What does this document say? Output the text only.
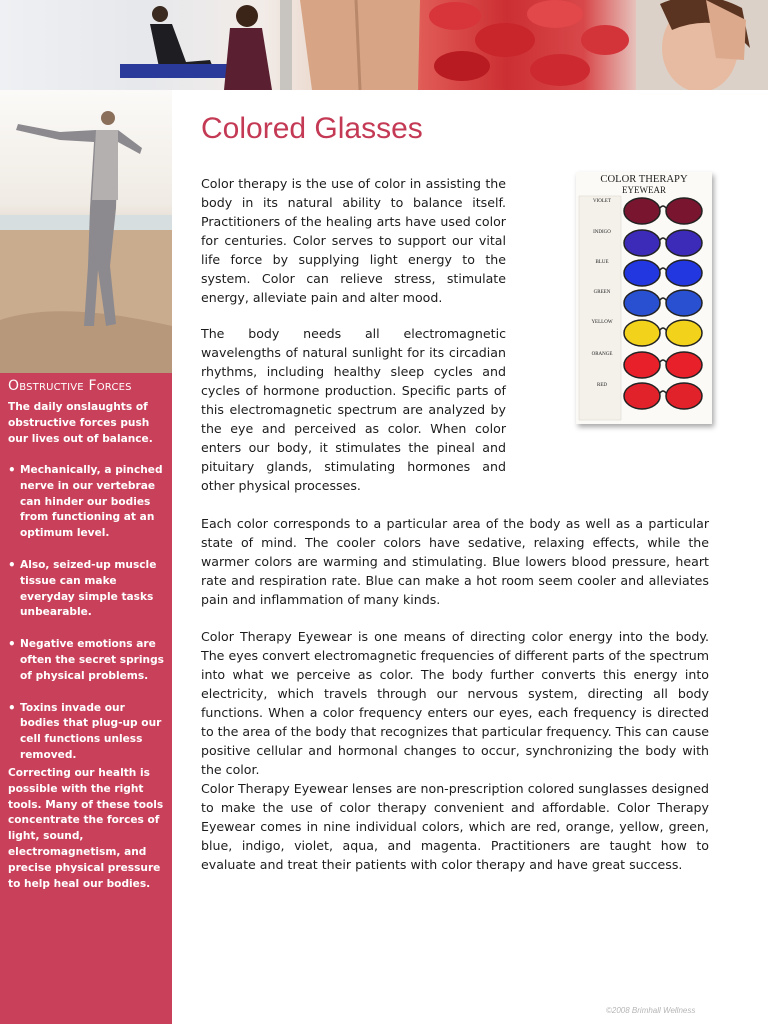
Obstructive Forces

The daily onslaughts of obstructive forces push our lives out of balance.

• Mechanically, a pinched nerve in our vertebrae can hinder our bodies from functioning at an optimum level.
• Also, seized-up muscle tissue can make everyday simple tasks unbearable.
• Negative emotions are often the secret springs of physical problems.
• Toxins invade our bodies that plug-up our cell functions unless removed.

Correcting our health is possible with the right tools. Many of these tools concentrate the forces of light, sound, electromagnetism, and precise physical pressure to help heal our bodies.

Colored Glasses

Color therapy is the use of color in assisting the body in its natural ability to balance itself. Practitioners of the healing arts have used color for centuries. Color serves to support our vital life force by supplying light energy to the system. Color can relieve stress, stimulate energy, alleviate pain and alter mood.

The body needs all electromagnetic wavelengths of natural sunlight for its circadian rhythms, including healthy sleep cycles and cycles of hormone production. Specific parts of this electromagnetic spectrum are analyzed by the eye and perceived as color. When color enters our body, it stimulates the pineal and pituitary glands, stimulating hormones and other physical processes.

Each color corresponds to a particular area of the body as well as a particular state of mind. The cooler colors have sedative, relaxing effects, while the warmer colors are warming and stimulating. Blue lowers blood pressure, heart rate and respiration rate. Blue can make a hot room seem cooler and alleviates pain and inflammation of many kinds.

Color Therapy Eyewear is one means of directing color energy into the body. The eyes convert electromagnetic frequencies of different parts of the spectrum into what we perceive as color. The body further converts this energy into electricity, which travels through our nervous system, directing all body functions. When a color frequency enters our eyes, each frequency is directed to the area of the body that recognizes that particular frequency. This can cause positive cellular and hormonal changes to occur, synchronizing the body with the color.

Color Therapy Eyewear lenses are non-prescription colored sunglasses designed to make the use of color therapy convenient and affordable. Color Therapy Eyewear comes in nine individual colors, which are red, orange, yellow, green, blue, indigo, violet, aqua, and magenta. Practitioners are taught how to evaluate and treat their patients with color therapy and have great success.

COLOR THERAPY
EYEWEAR
VIOLET
INDIGO
BLUE
GREEN
YELLOW
ORANGE
RED
©2008 Brimhall Wellness
